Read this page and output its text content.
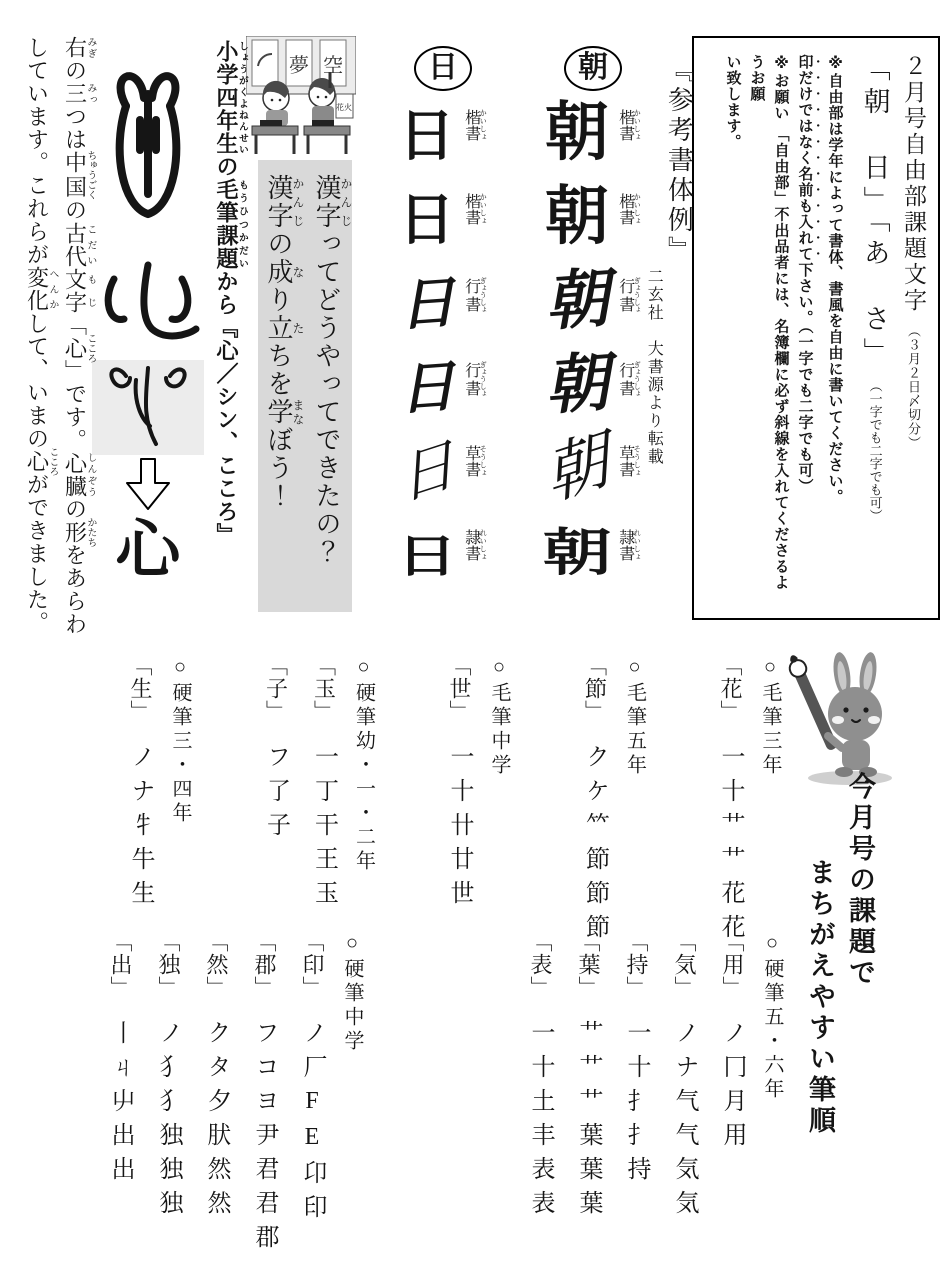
２月号自由部課題文字（３月２日〆切分）
「朝　日」「あ　さ」（一字でも二字でも可）
※自由部は学年によって書体、書風を自由に書いてください。
印だけではなく名前も入れて下さい。（一字でも二字でも可）
※お願い 「自由部」不出品者には、名簿欄に必ず斜線を入れてくださるようお願
い致します。
『参考書体例』
二玄社　大書源より転載
朝
朝 楷書 かいしょ
朝 楷書 かいしょ
朝 行書 ぎょうしょ
朝 行書 ぎょうしょ
朝 草書 そうしょ
朝 隷書 れいしょ
日
日 楷書 かいしょ
日 楷書 かいしょ
日 行書 ぎょうしょ
日 行書 ぎょうしょ
日 草書 そうしょ
日 隷書 れいしょ
夢 空
花火
漢字かんじってどうやってできたの？
漢字かんじの成なり立たちを学まなぼう！
小学四年生しょうがくよねんせいの毛筆課題もうひつかだいから『心／シン、こころ』
心
右みぎの三みっつは中国ちゅうごくの古代こだい文字もじ「心こころ」です。心臓しんぞうの形かたちをあらわしています。これらが変化へんかして、いまの心こころができました。
今月号の課題で
まちがえやすい筆順
○毛筆三年
「花」 一十艹艹花花
○毛筆五年
「節」 クケ⺮節節節
○毛筆中学
「世」 一十卄廿世
○硬筆幼・一・二年
「玉」 一丁干王玉
「子」 フ了子
○硬筆三・四年
「生」 ノナ牜牛生
○硬筆五・六年
「用」 ノ冂月用
「気」 ノナ气气気気
「持」 一十扌扌持
「葉」 艹艹艹葉葉葉
「表」 一十土丰表表
○硬筆中学
「印」 ノ厂FE卬印
「郡」 フコヨ尹君君郡
「然」 クタ夕肰然然
「独」 ノ犭犭独独独
「出」 丨ㄐ屮出出
